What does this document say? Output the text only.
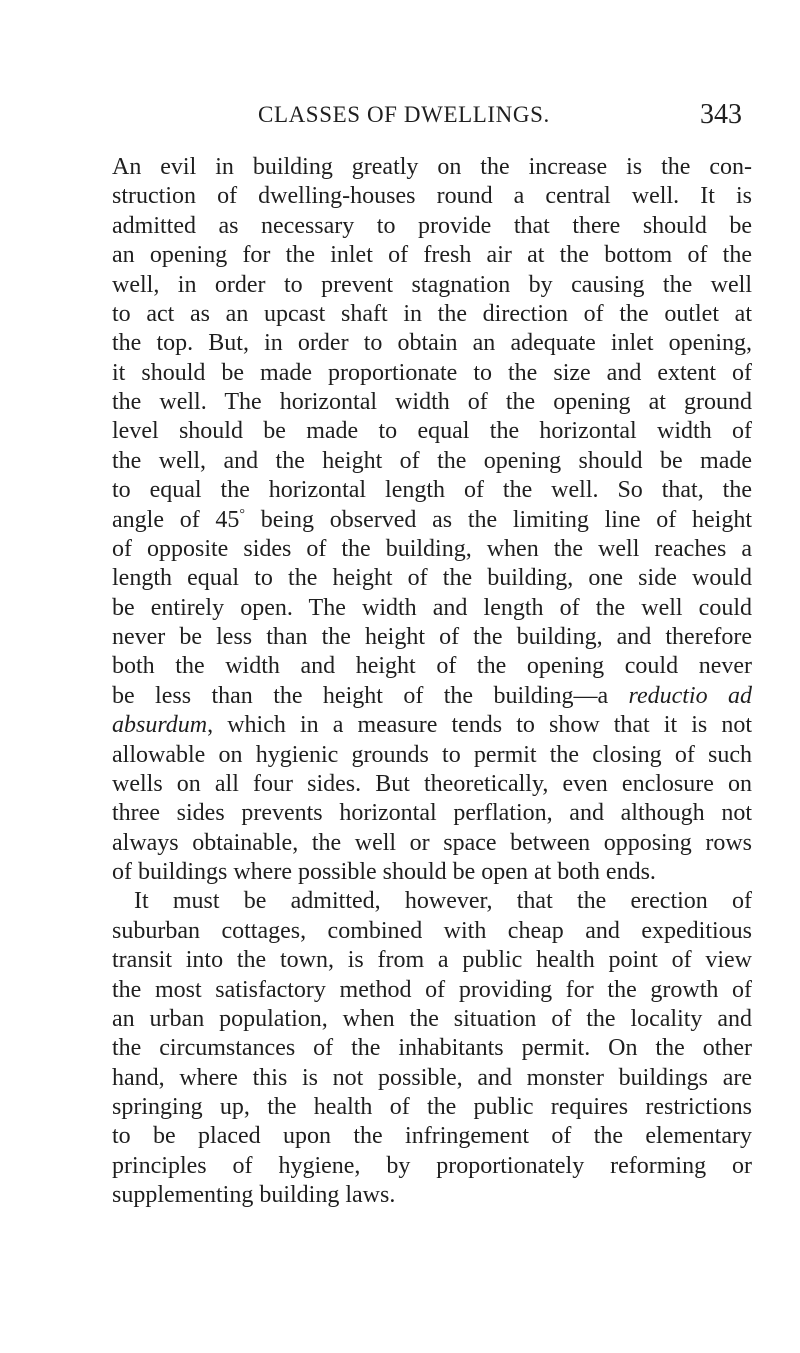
CLASSES OF DWELLINGS.	343
An evil in building greatly on the increase is the con-
struction of dwelling-houses round a central well. It is
admitted as necessary to provide that there should be
an opening for the inlet of fresh air at the bottom of the
well, in order to prevent stagnation by causing the well
to act as an upcast shaft in the direction of the outlet at
the top. But, in order to obtain an adequate inlet opening,
it should be made proportionate to the size and extent of
the well. The horizontal width of the opening at ground
level should be made to equal the horizontal width of
the well, and the height of the opening should be made
to equal the horizontal length of the well. So that, the
angle of 45° being observed as the limiting line of height
of opposite sides of the building, when the well reaches a
length equal to the height of the building, one side would
be entirely open. The width and length of the well could
never be less than the height of the building, and therefore
both the width and height of the opening could never
be less than the height of the building—a reductio ad
absurdum, which in a measure tends to show that it is not
allowable on hygienic grounds to permit the closing of such
wells on all four sides. But theoretically, even enclosure on
three sides prevents horizontal perflation, and although not
always obtainable, the well or space between opposing rows
of buildings where possible should be open at both ends.
It must be admitted, however, that the erection of
suburban cottages, combined with cheap and expeditious
transit into the town, is from a public health point of view
the most satisfactory method of providing for the growth of
an urban population, when the situation of the locality and
the circumstances of the inhabitants permit. On the other
hand, where this is not possible, and monster buildings are
springing up, the health of the public requires restrictions
to be placed upon the infringement of the elementary
principles of hygiene, by proportionately reforming or
supplementing building laws.
